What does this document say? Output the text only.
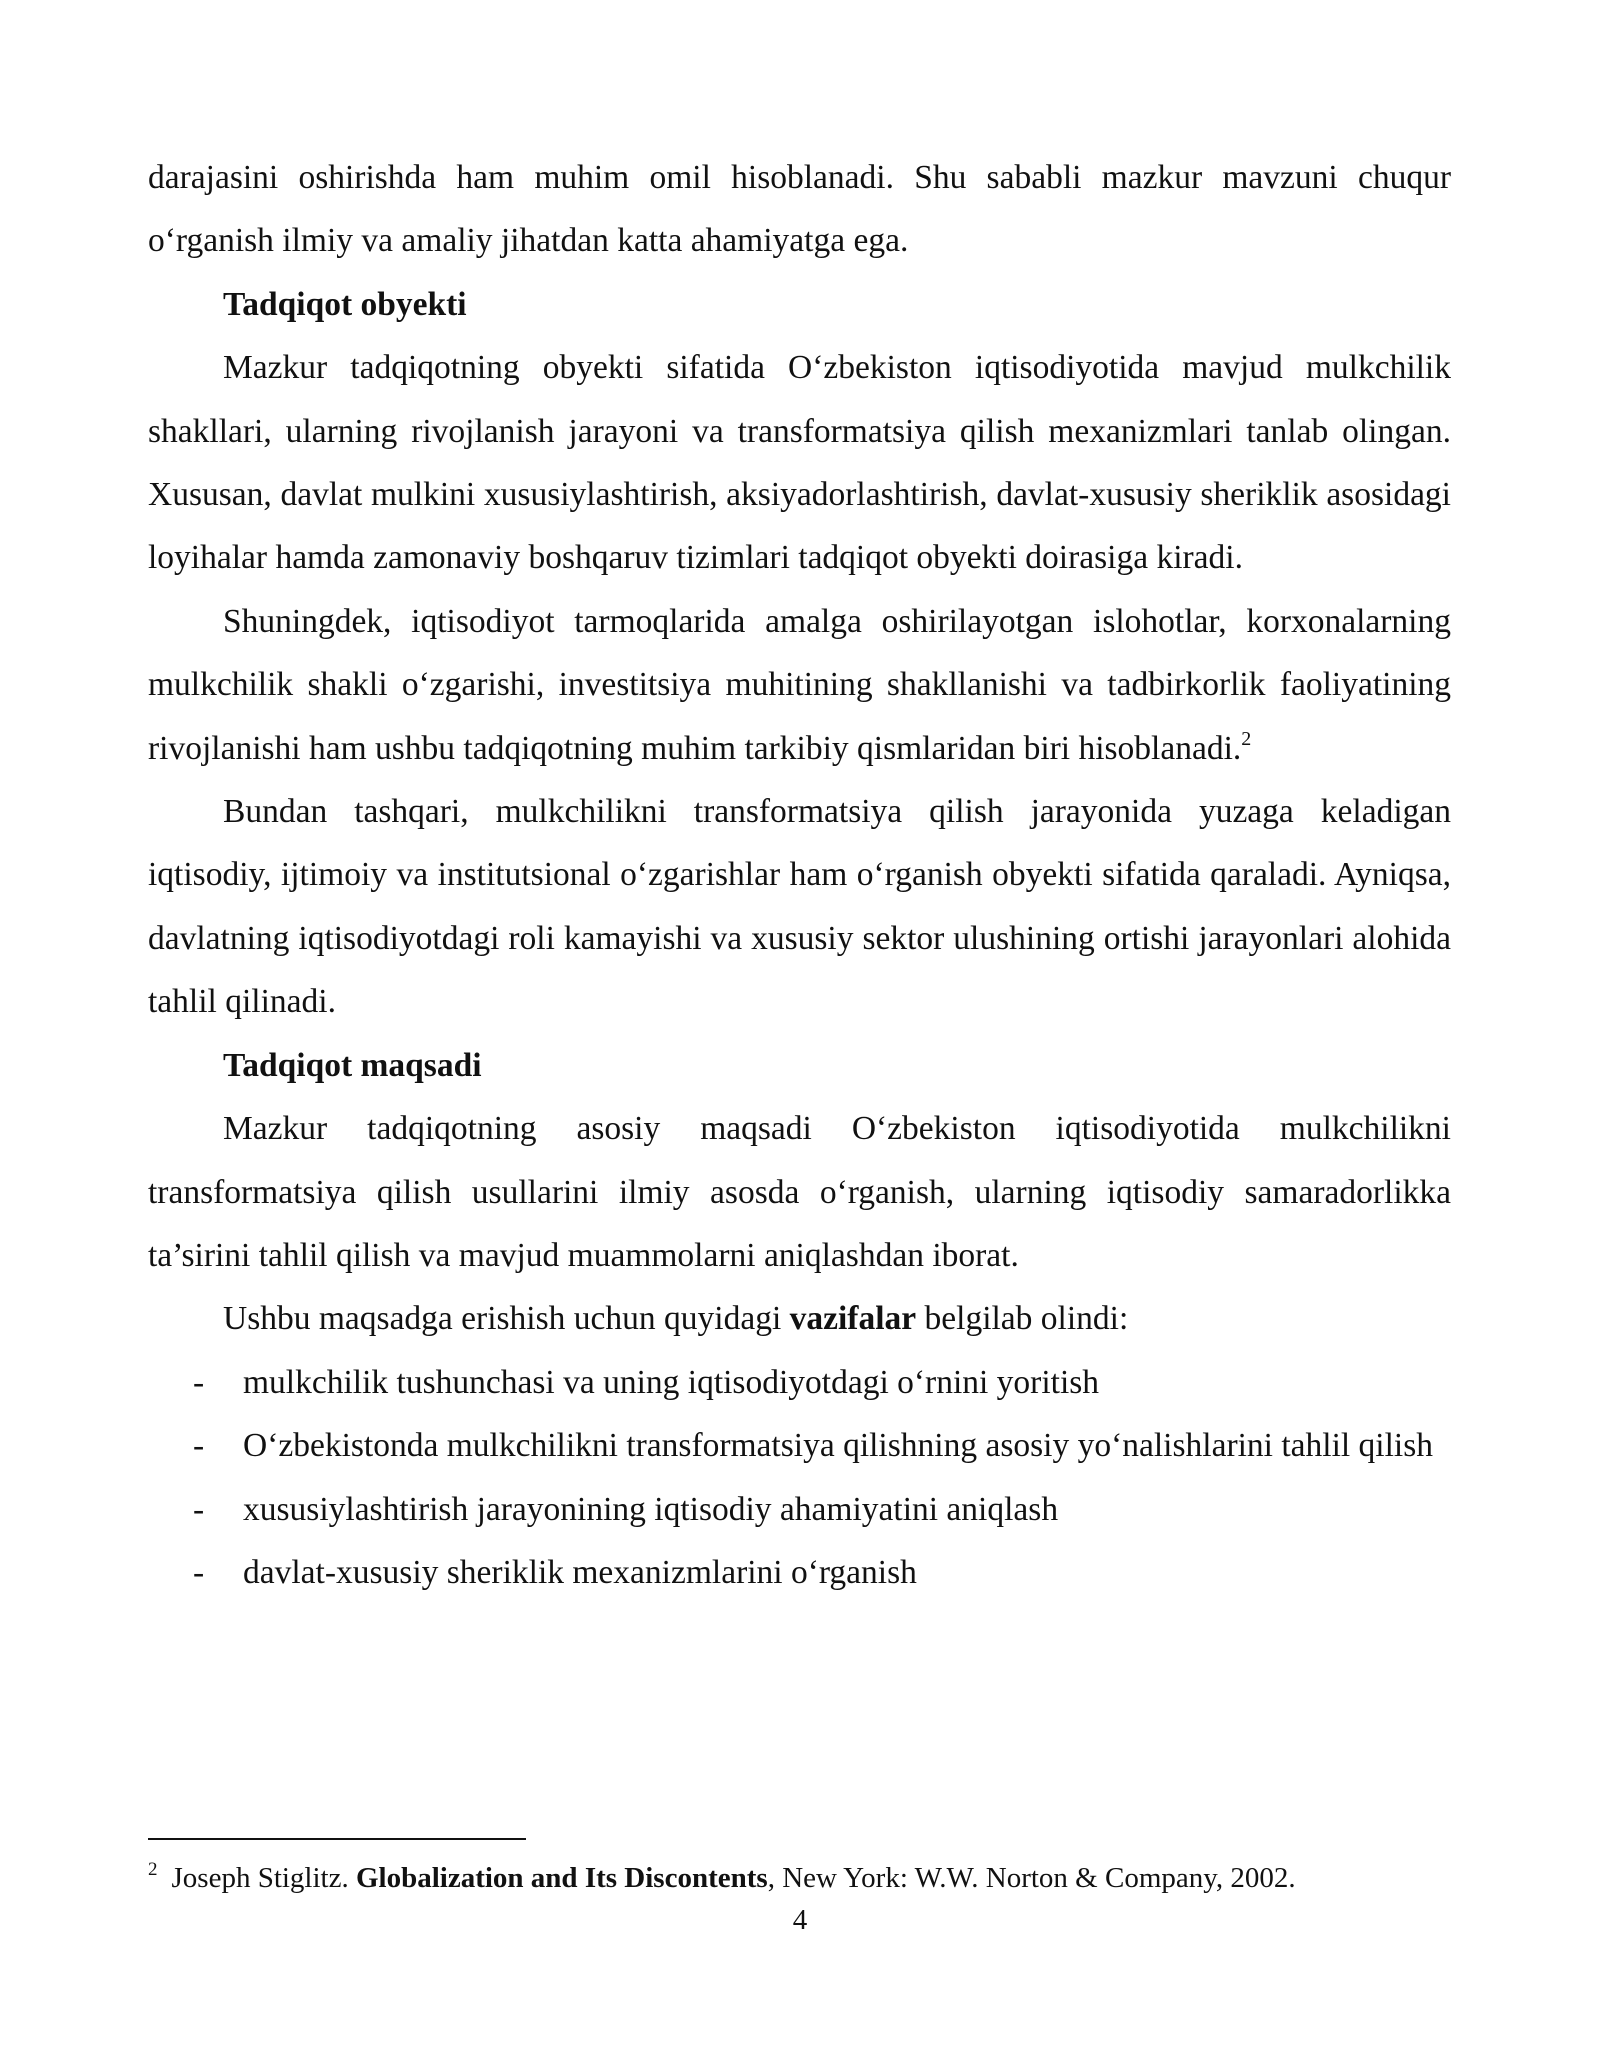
darajasini oshirishda ham muhim omil hisoblanadi. Shu sababli mazkur mavzuni chuqur o‘rganish ilmiy va amaliy jihatdan katta ahamiyatga ega.

Tadqiqot obyekti

Mazkur tadqiqotning obyekti sifatida O‘zbekiston iqtisodiyotida mavjud mulkchilik shakllari, ularning rivojlanish jarayoni va transformatsiya qilish mexanizmlari tanlab olingan. Xususan, davlat mulkini xususiylashtirish, aksiyadorlashtirish, davlat-xususiy sheriklik asosidagi loyihalar hamda zamonaviy boshqaruv tizimlari tadqiqot obyekti doirasiga kiradi.

Shuningdek, iqtisodiyot tarmoqlarida amalga oshirilayotgan islohotlar, korxonalarning mulkchilik shakli o‘zgarishi, investitsiya muhitining shakllanishi va tadbirkorlik faoliyatining rivojlanishi ham ushbu tadqiqotning muhim tarkibiy qismlaridan biri hisoblanadi.$^2$

Bundan tashqari, mulkchilikni transformatsiya qilish jarayonida yuzaga keladigan iqtisodiy, ijtimoiy va institutsional o‘zgarishlar ham o‘rganish obyekti sifatida qaraladi. Ayniqsa, davlatning iqtisodiyotdagi roli kamayishi va xususiy sektor ulushining ortishi jarayonlari alohida tahlil qilinadi.

Tadqiqot maqsadi

Mazkur tadqiqotning asosiy maqsadi O‘zbekiston iqtisodiyotida mulkchilikni transformatsiya qilish usullarini ilmiy asosda o‘rganish, ularning iqtisodiy samaradorlikka ta’sirini tahlil qilish va mavjud muammolarni aniqlashdan iborat.

Ushbu maqsadga erishish uchun quyidagi vazifalar belgilab olindi:

- mulkchilik tushunchasi va uning iqtisodiyotdagi o‘rnini yoritish
- O‘zbekistonda mulkchilikni transformatsiya qilishning asosiy yo‘nalishlarini tahlil qilish
- xususiylashtirish jarayonining iqtisodiy ahamiyatini aniqlash
- davlat-xususiy sheriklik mexanizmlarini o‘rganish
$^2$ Joseph Stiglitz. Globalization and Its Discontents, New York: W.W. Norton & Company, 2002.
4
